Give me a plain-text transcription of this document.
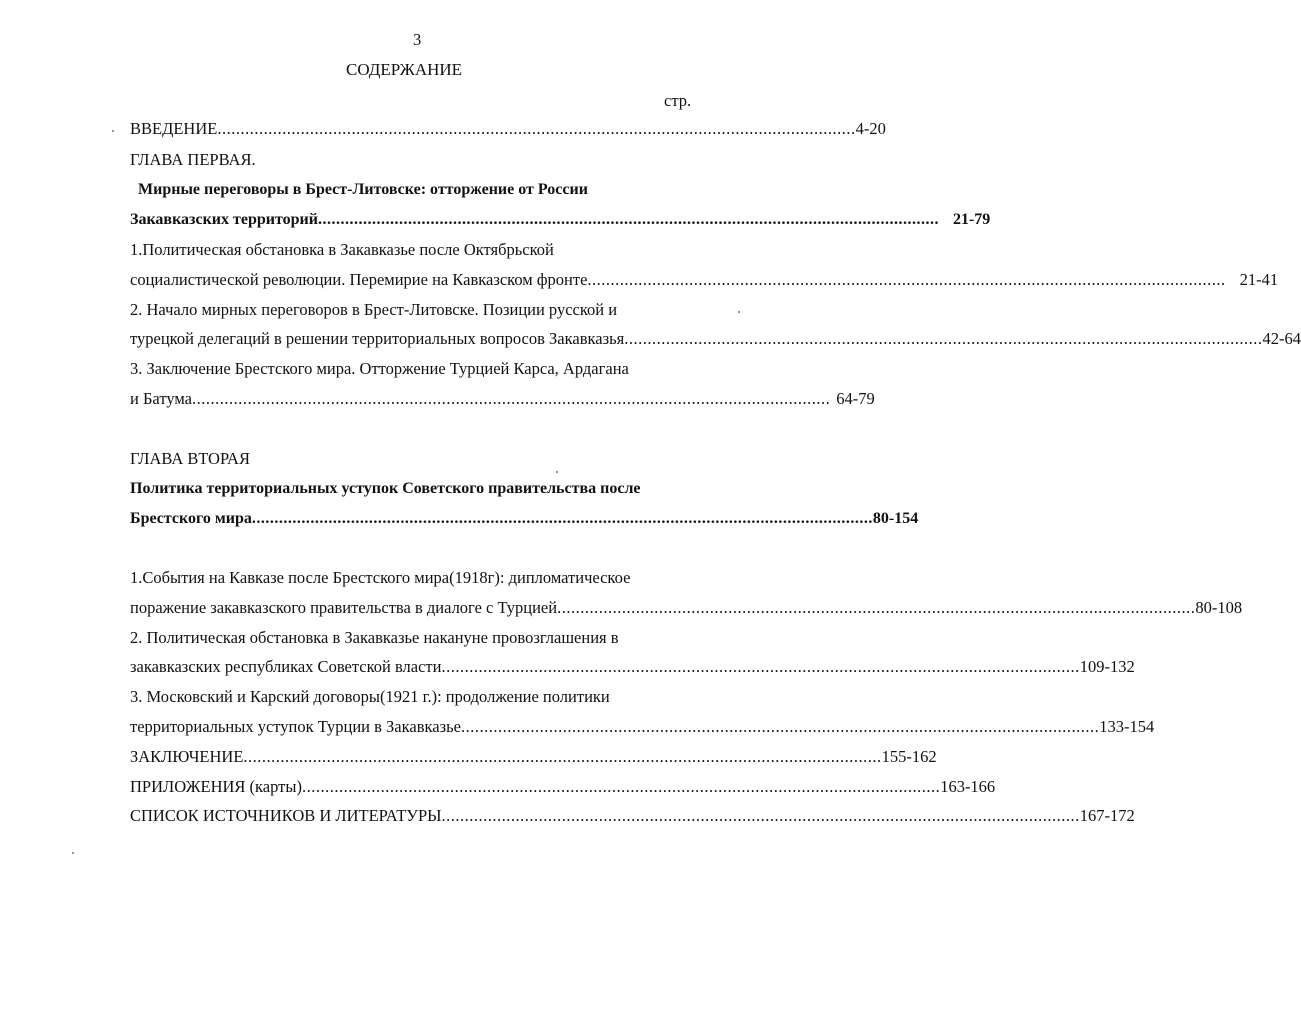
3
СОДЕРЖАНИЕ
стр.
ВВЕДЕНИЕ .......................................................................................................................................... 4-20
ГЛАВА ПЕРВАЯ.
Мирные переговоры в Брест-Литовске: отторжение от России
Закавказских территорий .......................................................................................................................................... 21-79
1.Политическая обстановка в Закавказье после Октябрьской
социалистической революции. Перемирие на Кавказском фронте .......................................................................................................................................... 21-41
2. Начало мирных переговоров в Брест-Литовске. Позиции русской и
турецкой делегаций в решении территориальных вопросов Закавказья .......................................................................................................................................... 42-64
3. Заключение Брестского мира. Отторжение Турцией Карса, Ардагана
и Батума .......................................................................................................................................... 64-79
ГЛАВА ВТОРАЯ
Политика территориальных уступок Советского правительства после
Брестского мира .......................................................................................................................................... 80-154
1.События на Кавказе после Брестского мира(1918г): дипломатическое
поражение закавказского правительства в диалоге с Турцией .......................................................................................................................................... 80-108
2. Политическая обстановка в Закавказье накануне провозглашения в
закавказских республиках Советской власти .......................................................................................................................................... 109-132
3. Московский и Карский договоры(1921 г.): продолжение политики
территориальных уступок Турции в Закавказье .......................................................................................................................................... 133-154
ЗАКЛЮЧЕНИЕ .......................................................................................................................................... 155-162
ПРИЛОЖЕНИЯ (карты) .......................................................................................................................................... 163-166
СПИСОК ИСТОЧНИКОВ И ЛИТЕРАТУРЫ .......................................................................................................................................... 167-172
